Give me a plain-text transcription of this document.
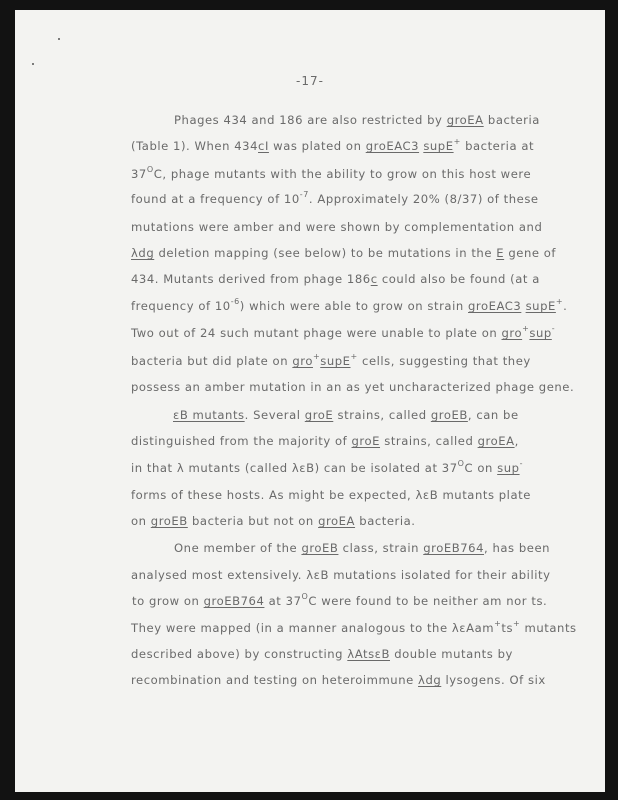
-17-
Phages 434 and 186 are also restricted by groEA bacteria
(Table 1). When 434cI was plated on groEAC3 supE+ bacteria at
$37^OC$, phage mutants with the ability to grow on this host were
found at a frequency of $10^{-7}$. Approximately 20% (8/37) of these
mutations were amber and were shown by complementation and
λdg deletion mapping (see below) to be mutations in the E gene of
434. Mutants derived from phage 186c could also be found (at a
frequency of $10^{-6}$) which were able to grow on strain groEAC3 supE+.
Two out of 24 such mutant phage were unable to plate on gro+sup-
bacteria but did plate on gro+supE+ cells, suggesting that they
possess an amber mutation in an as yet uncharacterized phage gene.
εB mutants. Several groE strains, called groEB, can be
distinguished from the majority of groE strains, called groEA,
in that λ mutants (called λεB) can be isolated at $37^OC$ on sup-
forms of these hosts. As might be expected, λεB mutants plate
on groEB bacteria but not on groEA bacteria.
One member of the groEB class, strain groEB764, has been
analysed most extensively. λεB mutations isolated for their ability
to grow on groEB764 at $37^OC$ were found to be neither am nor ts.
They were mapped (in a manner analogous to the λεAam+ts+ mutants
described above) by constructing λAtsεB double mutants by
recombination and testing on heteroimmune λdg lysogens. Of six
